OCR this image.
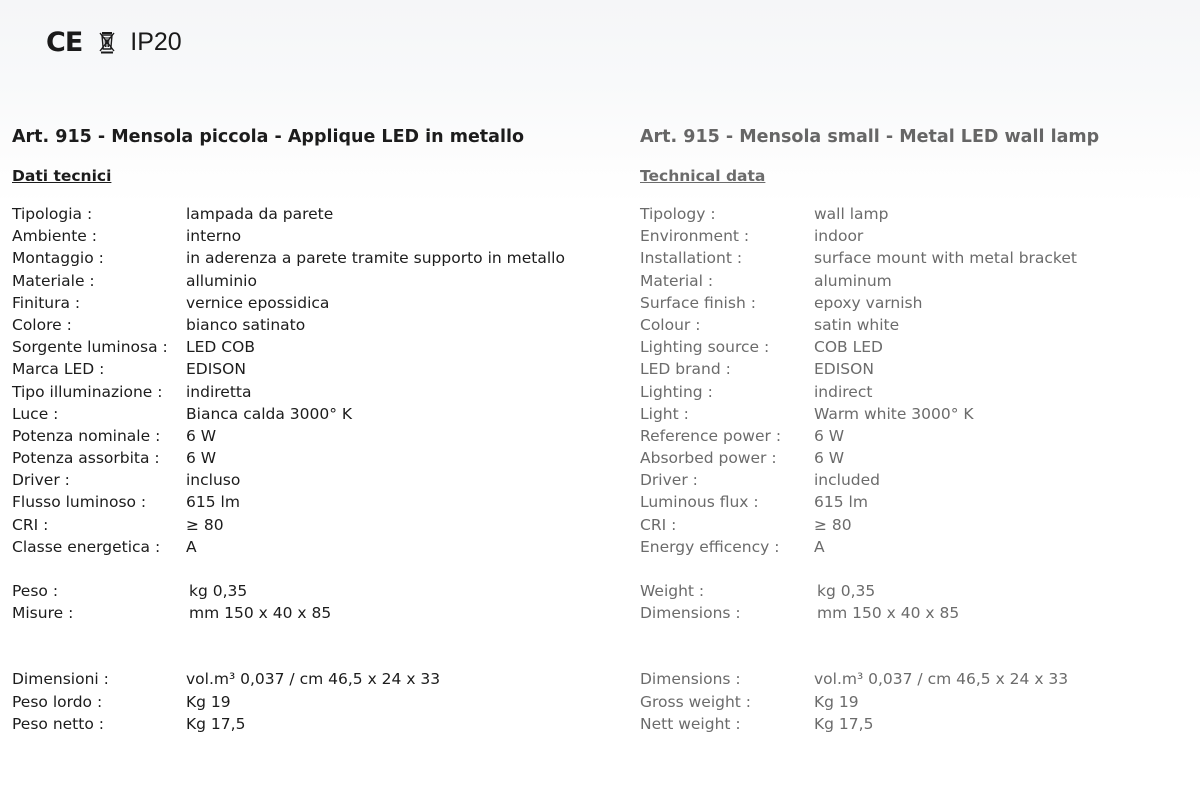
CE IP20
Art. 915 - Mensola piccola - Applique LED in metallo
Dati tecnici
Tipologia :	lampada da parete
Ambiente :	interno
Montaggio :	in aderenza a parete tramite supporto in metallo
Materiale :	alluminio
Finitura :	vernice epossidica
Colore :	bianco satinato
Sorgente luminosa :	LED COB
Marca LED :	EDISON
Tipo illuminazione :	indiretta
Luce :	Bianca calda 3000° K
Potenza nominale :	6 W
Potenza assorbita :	6 W
Driver :	incluso
Flusso luminoso :	615 lm
CRI :	≥ 80
Classe energetica :	A
Peso :	kg 0,35
Misure :	mm 150 x 40 x 85
Dimensioni :	vol.m³ 0,037 / cm 46,5 x 24 x 33
Peso lordo :	Kg 19
Peso netto :	Kg 17,5
Art. 915 - Mensola small - Metal LED wall lamp
Technical data
Tipology :	wall lamp
Environment :	indoor
Installationt :	surface mount with metal bracket
Material :	aluminum
Surface finish :	epoxy varnish
Colour :	satin white
Lighting source :	COB LED
LED brand :	EDISON
Lighting :	indirect
Light :	Warm white 3000° K
Reference power :	6 W
Absorbed power :	6 W
Driver :	included
Luminous flux :	615 lm
CRI :	≥ 80
Energy efficency :	A
Weight :	kg 0,35
Dimensions :	mm 150 x 40 x 85
Dimensions :	vol.m³ 0,037 / cm 46,5 x 24 x 33
Gross weight :	Kg 19
Nett weight :	Kg 17,5
